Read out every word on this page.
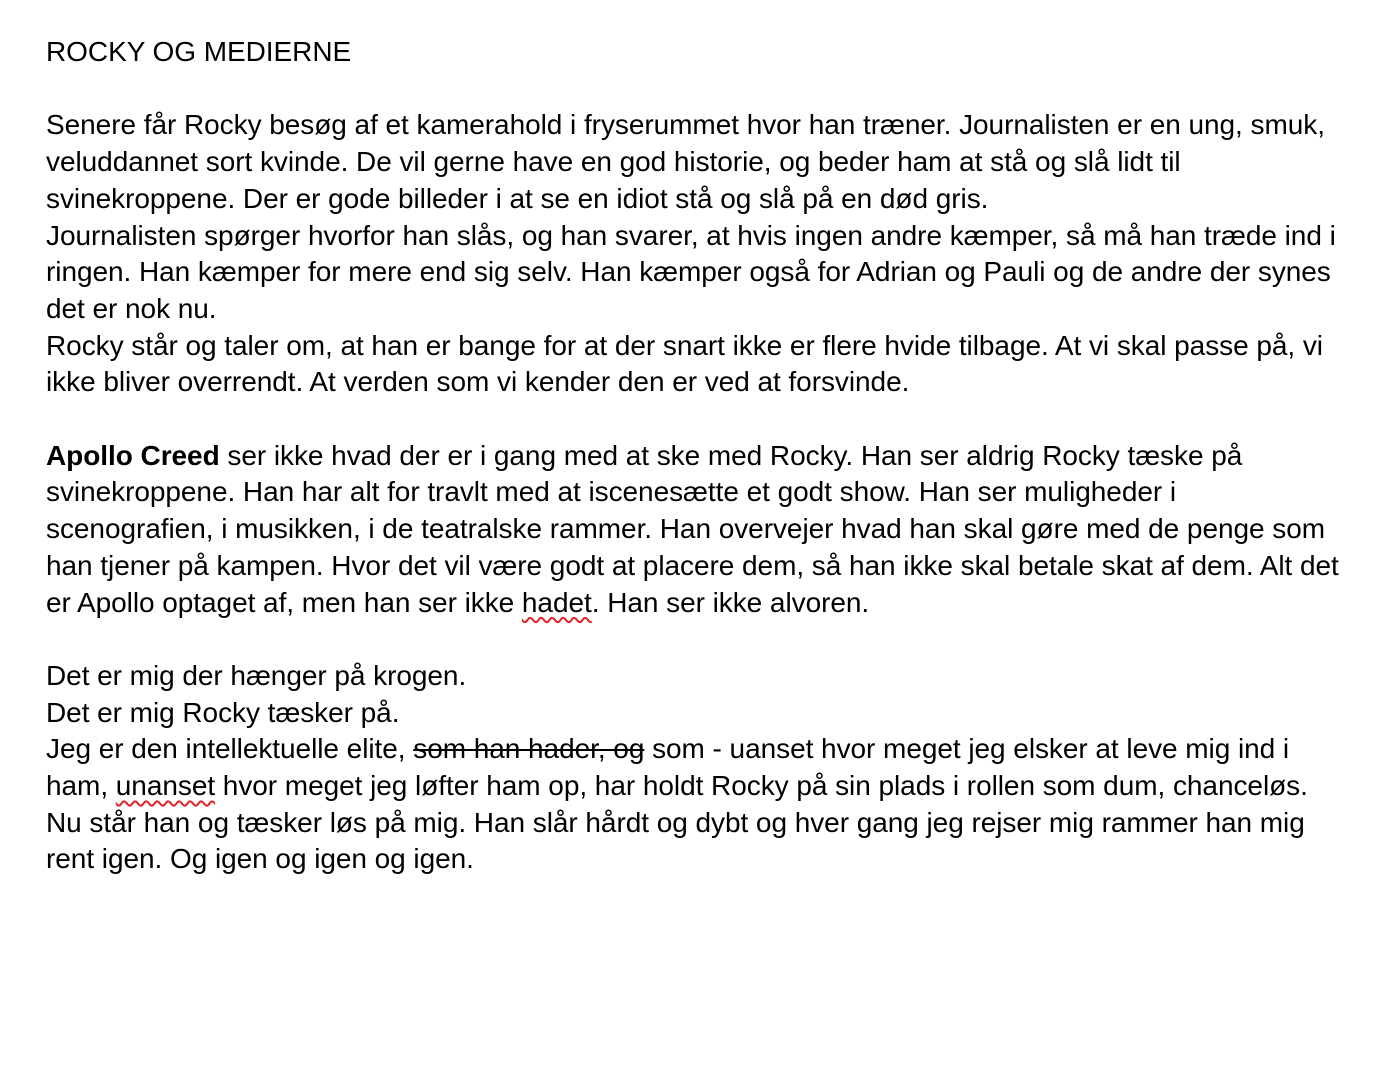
ROCKY OG MEDIERNE

Senere får Rocky besøg af et kamerahold i fryserummet hvor han træner. Journalisten er en ung, smuk, veluddannet sort kvinde. De vil gerne have en god historie, og beder ham at stå og slå lidt til svinekroppene. Der er gode billeder i at se en idiot stå og slå på en død gris.

Journalisten spørger hvorfor han slås, og han svarer, at hvis ingen andre kæmper, så må han træde ind i ringen. Han kæmper for mere end sig selv. Han kæmper også for Adrian og Pauli og de andre der synes det er nok nu.

Rocky står og taler om, at han er bange for at der snart ikke er flere hvide tilbage. At vi skal passe på, vi ikke bliver overrendt. At verden som vi kender den er ved at forsvinde.

Apollo Creed ser ikke hvad der er i gang med at ske med Rocky. Han ser aldrig Rocky tæske på svinekroppene. Han har alt for travlt med at iscenesætte et godt show. Han ser muligheder i scenografien, i musikken, i de teatralske rammer. Han overvejer hvad han skal gøre med de penge som han tjener på kampen. Hvor det vil være godt at placere dem, så han ikke skal betale skat af dem. Alt det er Apollo optaget af, men han ser ikke hadet. Han ser ikke alvoren.

Det er mig der hænger på krogen.

Det er mig Rocky tæsker på.

Jeg er den intellektuelle elite, som han hader, og som - uanset hvor meget jeg elsker at leve mig ind i ham, unanset hvor meget jeg løfter ham op, har holdt Rocky på sin plads i rollen som dum, chanceløs. Nu står han og tæsker løs på mig. Han slår hårdt og dybt og hver gang jeg rejser mig rammer han mig rent igen. Og igen og igen og igen.
